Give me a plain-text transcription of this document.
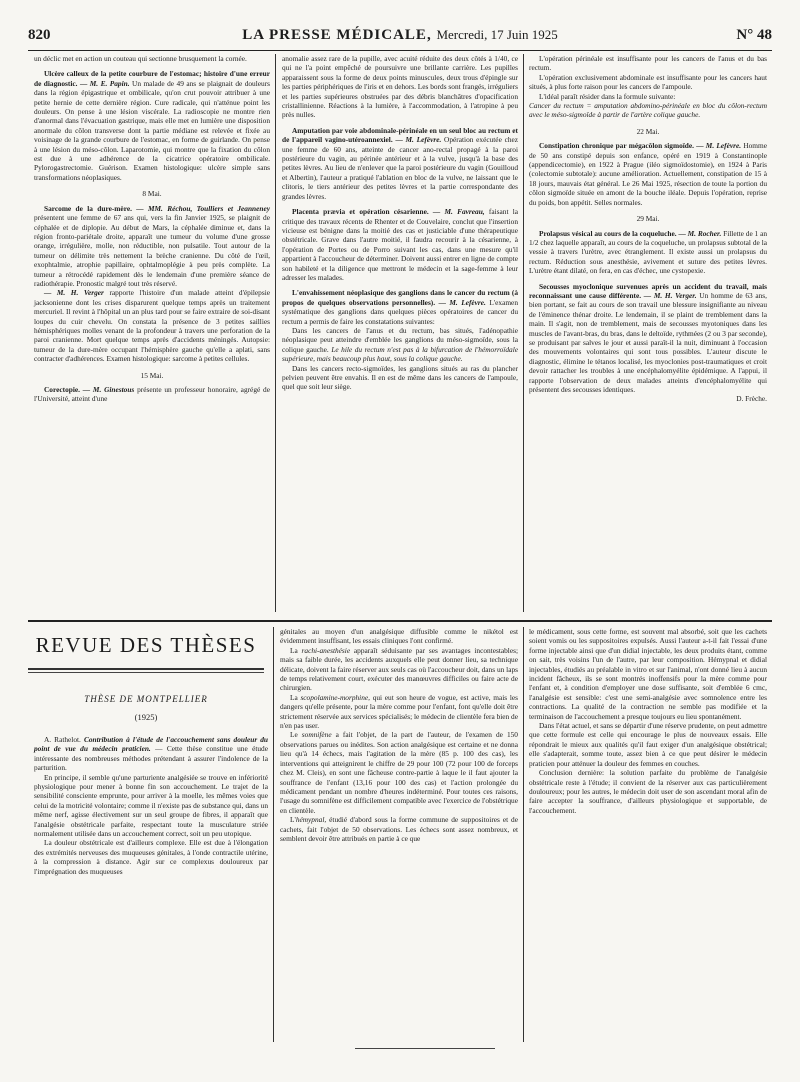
820	LA PRESSE MÉDICALE, Mercredi, 17 Juin 1925	N° 48

un déclic met en action un couteau qui sectionne brusquement la cornée.

Ulcère calleux de la petite courbure de l'estomac; histoire d'une erreur de diagnostic. — M. E. Papin. Un malade de 49 ans se plaignait de douleurs dans la région épigastrique et ombilicale, qu'on crut pouvoir attribuer à une petite hernie de cette dernière région. Cure radicale, qui n'atténue point les douleurs. On pense à une lésion viscérale. La radioscopie ne montre rien d'anormal dans l'évacuation gastrique, mais elle met en lumière une disposition anormale du côlon transverse dont la partie médiane est relevée et fixée au voisinage de la grande courbure de l'estomac, en forme de guirlande. On pense à une lésion du méso-côlon. Laparotomie, qui montre que la fixation du côlon est due à une adhérence de la cicatrice opératoire ombilicale. Pylorogastrectomie. Guérison. Examen histologique: ulcère simple sans transformations néoplasiques.

8 Mai.

Sarcome de la dure-mère. — MM. Réchou, Toulliers et Jeanneney présentent une femme de 67 ans qui, vers la fin Janvier 1925, se plaignit de céphalée et de diplopie. Au début de Mars, la céphalée diminue et, dans la région fronto-pariétale droite, apparaît une tumeur du volume d'une grosse orange, irrégulière, molle, non réductible, non pulsatile. Tout autour de la tumeur on délimite très nettement la brèche cranienne. Du côté de l'œil, exophtalmie, atrophie papillaire, ophtalmoplégie à peu près complète. La tumeur a rétrocédé rapidement dès le lendemain d'une première séance de radiothérapie. Pronostic malgré tout très réservé.

— M. H. Verger rapporte l'histoire d'un malade atteint d'épilepsie jacksonienne dont les crises disparurent quelque temps après un traitement mercuriel. Il revint à l'hôpital un an plus tard pour se faire extraire de soi-disant loupes du cuir chevelu. On constata la présence de 3 petites saillies hémisphériques molles venant de la profondeur à travers une perforation de la paroi cranienne. Mort quelque temps après d'accidents méningés. Autopsie: tumeur de la dure-mère occupant l'hémisphère gauche qu'elle a aplati, sans contracter d'adhérences. Examen histologique: sarcome à petites cellules.

15 Mai.

Corectopie. — M. Ginestous présente un professeur honoraire, agrégé de l'Université, atteint d'une

anomalie assez rare de la pupille, avec acuité réduite des deux côtés à 1/40, ce qui ne l'a point empêché de poursuivre une brillante carrière. Les pupilles apparaissent sous la forme de deux points minuscules, deux trous d'épingle sur les parties périphériques de l'iris et en dehors. Les bords sont frangés, irréguliers et les parties supérieures obstruées par des débris blanchâtres d'opacification cristallinienne. Réactions à la lumière, à l'accommodation, à l'atropine à peu près nulles.

Amputation par voie abdominale-périnéale en un seul bloc au rectum et de l'appareil vagino-utéroannexiel. — M. Lefèvre. Opération exécutée chez une femme de 60 ans, atteinte de cancer ano-rectal propagé à la paroi postérieure du vagin, au périnée antérieur et à la vulve, jusqu'à la base des petites lèvres. Au lieu de n'enlever que la paroi postérieure du vagin (Gouilloud et Albertin), l'auteur a pratiqué l'ablation en bloc de la vulve, ne laissant que le clitoris, le tiers antérieur des petites lèvres et la partie correspondante des grandes lèvres.

Placenta prævia et opération césarienne. — M. Favreau, faisant la critique des travaux récents de Rhenter et de Couvelaire, conclut que l'insertion vicieuse est bénigne dans la moitié des cas et justiciable d'une thérapeutique obstétricale. Grave dans l'autre moitié, il faudra recourir à la césarienne, à l'opération de Portes ou de Porro suivant les cas, dans une mesure qu'il appartient à l'accoucheur de déterminer. Doivent aussi entrer en ligne de compte son habileté et la diligence que mettront le médecin et la sage-femme à leur adresser les malades.

L'envahissement néoplasique des ganglions dans le cancer du rectum (à propos de quelques observations personnelles). — M. Lefèvre. L'examen systématique des ganglions dans quelques pièces opératoires de cancer du rectum a permis de faire les constatations suivantes:

Dans les cancers de l'anus et du rectum, bas situés, l'adénopathie néoplasique peut atteindre d'emblée les ganglions du méso-sigmoïde, sous la colique gauche. Le hile du rectum n'est pas à la bifurcation de l'hémorroïdale supérieure, mais beaucoup plus haut, sous la colique gauche.

Dans les cancers recto-sigmoïdes, les ganglions situés au ras du plancher pelvien peuvent être envahis. Il en est de même dans les cancers de l'ampoule, quel que soit leur siège.

L'opération périnéale est insuffisante pour les cancers de l'anus et du bas rectum.

L'opération exclusivement abdominale est insuffisante pour les cancers haut situés, à plus forte raison pour les cancers de l'ampoule.

L'idéal paraît résider dans la formule suivante:

Cancer du rectum = amputation abdomino-périnéale en bloc du côlon-rectum avec le méso-sigmoïde à partir de l'artère colique gauche.

22 Mai.

Constipation chronique par mégacôlon sigmoïde. — M. Lefèvre. Homme de 50 ans constipé depuis son enfance, opéré en 1919 à Constantinople (appendicectomie), en 1922 à Prague (iléo sigmoïdostomie), en 1924 à Paris (colectomie subtotale): aucune amélioration. Actuellement, constipation de 15 à 18 jours, mauvais état général. Le 26 Mai 1925, résection de toute la portion du côlon sigmoïde située en amont de la bouche iléale. Depuis l'opération, reprise du poids, bon appétit. Selles normales.

29 Mai.

Prolapsus vésical au cours de la coqueluche. — M. Rocher. Fillette de 1 an 1/2 chez laquelle apparaît, au cours de la coqueluche, un prolapsus subtotal de la vessie à travers l'urètre, avec étranglement. Il existe aussi un prolapsus du rectum. Réduction sous anesthésie, avivement et suture des petites lèvres. L'urètre étant dilaté, on fera, en cas d'échec, une cystopexie.

Secousses myoclonique survenues après un accident du travail, mais reconnaissant une cause différente. — M. H. Verger. Un homme de 63 ans, bien portant, se fait au cours de son travail une blessure insignifiante au niveau de l'éminence thénar droite. Le lendemain, il se plaint de tremblement dans la main. Il s'agit, non de tremblement, mais de secousses myotoniques dans les muscles de l'avant-bras, du bras, dans le deltoïde, rythmées (2 ou 3 par seconde), se produisant par salves le jour et aussi paraît-il la nuit, diminuant à l'occasion des mouvements volontaires qui sont tous possibles. L'auteur discute le diagnostic, élimine le tétanos localisé, les myoclonies post-traumatiques et croit devoir rattacher les troubles à une encéphalomyélite épidémique. A l'appui, il rapporte l'observation de deux malades atteints d'encéphalomyélite qui présentent des secousses identiques.

D. Frèche.

REVUE DES THÈSES
THÈSE DE MONTPELLIER
(1925)

A. Rathelot. Contribution à l'étude de l'accouchement sans douleur du point de vue du médecin praticien. — Cette thèse constitue une étude intéressante des nombreuses méthodes prétendant à assurer l'indolence de la parturition.

En principe, il semble qu'une parturiente analgésiée se trouve en infériorité physiologique pour mener à bonne fin son accouchement. Le trajet de la sensibilité consciente emprunte, pour arriver à la moelle, les mêmes voies que celui de la motricité volontaire; comme il n'existe pas de substance qui, dans un même nerf, agisse électivement sur un seul groupe de fibres, il apparaît que l'analgésie obstétricale parfaite, respectant toute la musculature striée normalement utilisée dans un accouchement correct, soit un peu utopique.

La douleur obstétricale est d'ailleurs complexe. Elle est due à l'élongation des extrémités nerveuses des muqueuses génitales, à l'onde contractile utérine, à la compression à distance. Agir sur ce complexus douloureux par l'imprégnation des muqueuses

génitales au moyen d'un analgésique diffusible comme le nikétol est évidemment insuffisant, les essais cliniques l'ont confirmé.

La rachi-anesthésie apparaît séduisante par ses avantages incontestables; mais sa faible durée, les accidents auxquels elle peut donner lieu, sa technique délicate, doivent la faire réserver aux seuls cas où l'accoucheur doit, dans un laps de temps relativement court, exécuter des manœuvres difficiles ou faire acte de chirurgien.

La scopolamine-morphine, qui eut son heure de vogue, est active, mais les dangers qu'elle présente, pour la mère comme pour l'enfant, font qu'elle doit être strictement réservée aux services spécialisés; le médecin de clientèle fera bien de n'en pas user.

Le somnifène a fait l'objet, de la part de l'auteur, de l'examen de 150 observations parues ou inédites. Son action analgésique est certaine et ne donna lieu qu'à 14 échecs, mais l'agitation de la mère (85 p. 100 des cas), les interventions qui atteignirent le chiffre de 29 pour 100 (72 pour 100 de forceps chez M. Cleis), en sont une fâcheuse contre-partie à laque le il faut ajouter la souffrance de l'enfant (13,16 pour 100 des cas) et l'action prolongée du médicament pendant un nombre d'heures indéterminé. Pour toutes ces raisons, l'usage du somnifène est difficilement compatible avec l'exercice de l'obstétrique en clientèle.

L'hémypnal, étudié d'abord sous la forme commune de suppositoires et de cachets, fait l'objet de 50 observations. Les échecs sont assez nombreux, et semblent devoir être attribués en partie à ce que

le médicament, sous cette forme, est souvent mal absorbé, soit que les cachets soient vomis ou les suppositoires expulsés. Aussi l'auteur a-t-il fait l'essai d'une forme injectable ainsi que d'un didial injectable, les deux produits étant, comme on sait, très voisins l'un de l'autre, par leur composition. Hémypnal et didial injectables, étudiés au préalable in vitro et sur l'animal, n'ont donné lieu à aucun incident fâcheux, ils se sont montrés inoffensifs pour la mère comme pour l'enfant et, à condition d'employer une dose suffisante, soit d'emblée 6 cmc, l'analgésie est sensible: c'est une semi-analgésie avec somnolence entre les contractions. La qualité de la contraction ne semble pas modifiée et la terminaison de l'accouchement a presque toujours eu lieu spontanément.

Dans l'état actuel, et sans se départir d'une réserve prudente, on peut admettre que cette formule est celle qui encourage le plus de nouveaux essais. Elle répondrait le mieux aux qualités qu'il faut exiger d'un analgésique obstétrical; elle s'adapterait, somme toute, assez bien à ce que peut désirer le médecin praticien pour atténuer la douleur des femmes en couches.

Conclusion dernière: la solution parfaite du problème de l'analgésie obstétricale reste à l'étude; il convient de la réserver aux cas particulièrement douloureux; pour les autres, le médecin doit user de son ascendant moral afin de faire accepter la souffrance, d'ailleurs physiologique et supportable, de l'accouchement.
